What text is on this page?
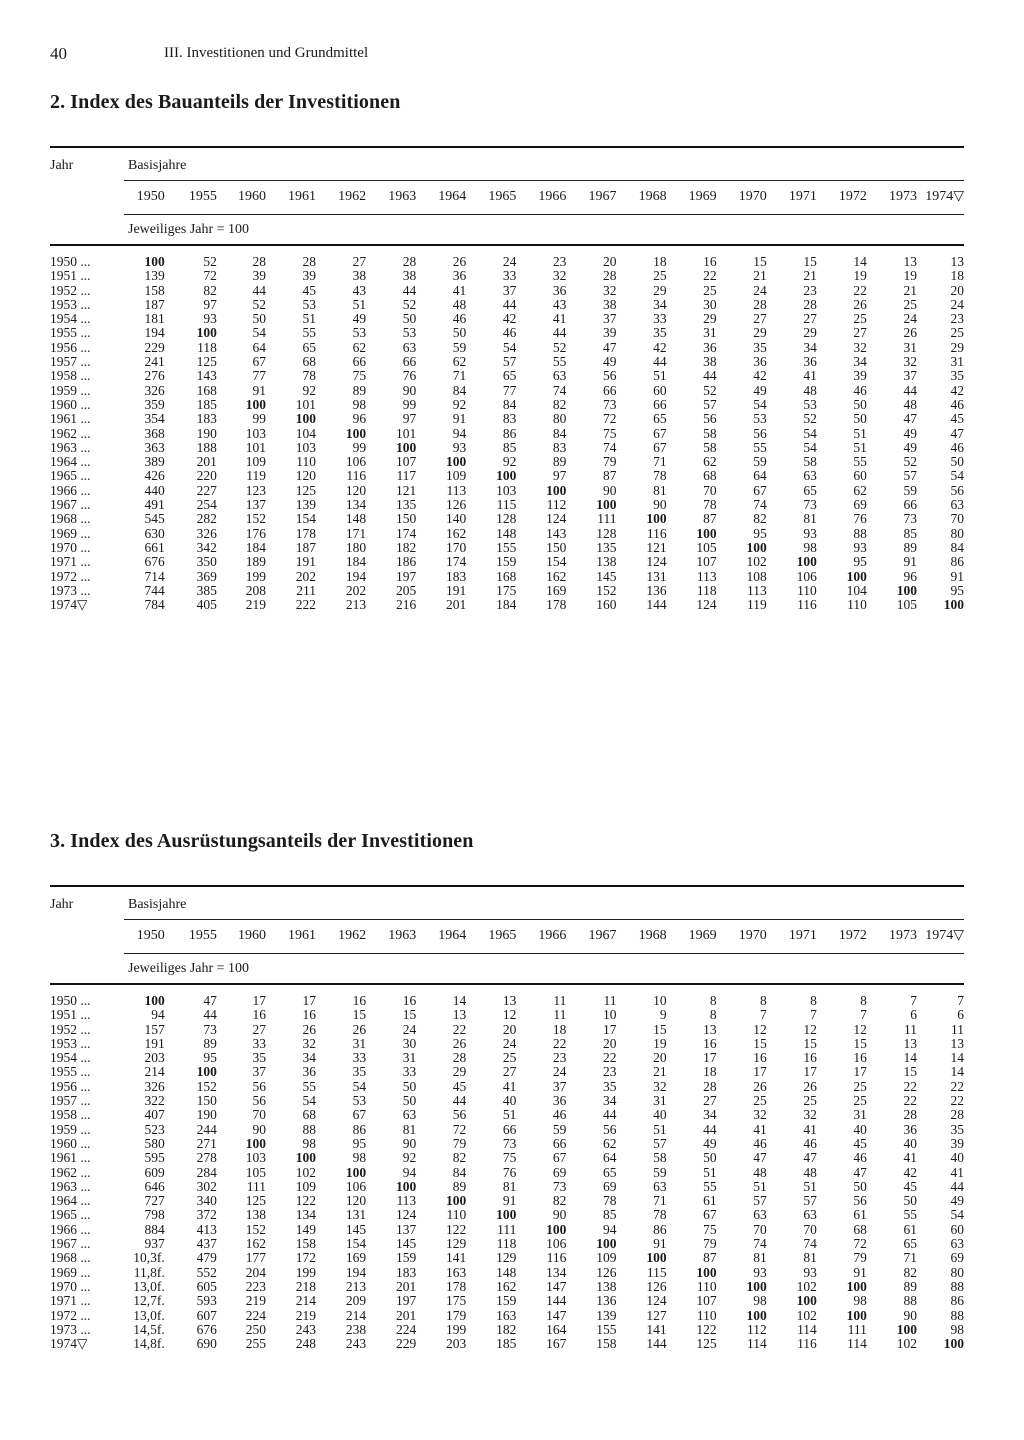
40	III. Investitionen und Grundmittel
2. Index des Bauanteils der Investitionen
Jahr	Basisjahre
	1950	1955	1960	1961	1962	1963	1964	1965	1966	1967	1968	1969	1970	1971	1972	1973	1974▽
Jeweiliges Jahr = 100
1950 ...	100	52	28	28	27	28	26	24	23	20	18	16	15	15	14	13	13
1951 ...	139	72	39	39	38	38	36	33	32	28	25	22	21	21	19	19	18
1952 ...	158	82	44	45	43	44	41	37	36	32	29	25	24	23	22	21	20
1953 ...	187	97	52	53	51	52	48	44	43	38	34	30	28	28	26	25	24
1954 ...	181	93	50	51	49	50	46	42	41	37	33	29	27	27	25	24	23
1955 ...	194	100	54	55	53	53	50	46	44	39	35	31	29	29	27	26	25
1956 ...	229	118	64	65	62	63	59	54	52	47	42	36	35	34	32	31	29
1957 ...	241	125	67	68	66	66	62	57	55	49	44	38	36	36	34	32	31
1958 ...	276	143	77	78	75	76	71	65	63	56	51	44	42	41	39	37	35
1959 ...	326	168	91	92	89	90	84	77	74	66	60	52	49	48	46	44	42
1960 ...	359	185	100	101	98	99	92	84	82	73	66	57	54	53	50	48	46
1961 ...	354	183	99	100	96	97	91	83	80	72	65	56	53	52	50	47	45
1962 ...	368	190	103	104	100	101	94	86	84	75	67	58	56	54	51	49	47
1963 ...	363	188	101	103	99	100	93	85	83	74	67	58	55	54	51	49	46
1964 ...	389	201	109	110	106	107	100	92	89	79	71	62	59	58	55	52	50
1965 ...	426	220	119	120	116	117	109	100	97	87	78	68	64	63	60	57	54
1966 ...	440	227	123	125	120	121	113	103	100	90	81	70	67	65	62	59	56
1967 ...	491	254	137	139	134	135	126	115	112	100	90	78	74	73	69	66	63
1968 ...	545	282	152	154	148	150	140	128	124	111	100	87	82	81	76	73	70
1969 ...	630	326	176	178	171	174	162	148	143	128	116	100	95	93	88	85	80
1970 ...	661	342	184	187	180	182	170	155	150	135	121	105	100	98	93	89	84
1971 ...	676	350	189	191	184	186	174	159	154	138	124	107	102	100	95	91	86
1972 ...	714	369	199	202	194	197	183	168	162	145	131	113	108	106	100	96	91
1973 ...	744	385	208	211	202	205	191	175	169	152	136	118	113	110	104	100	95
1974▽	784	405	219	222	213	216	201	184	178	160	144	124	119	116	110	105	100
3. Index des Ausrüstungsanteils der Investitionen
Jahr	Basisjahre
	1950	1955	1960	1961	1962	1963	1964	1965	1966	1967	1968	1969	1970	1971	1972	1973	1974▽
Jeweiliges Jahr = 100
1950 ...	100	47	17	17	16	16	14	13	11	11	10	8	8	8	8	7	7
1951 ...	94	44	16	16	15	15	13	12	11	10	9	8	7	7	7	6	6
1952 ...	157	73	27	26	26	24	22	20	18	17	15	13	12	12	12	11	11
1953 ...	191	89	33	32	31	30	26	24	22	20	19	16	15	15	15	13	13
1954 ...	203	95	35	34	33	31	28	25	23	22	20	17	16	16	16	14	14
1955 ...	214	100	37	36	35	33	29	27	24	23	21	18	17	17	17	15	14
1956 ...	326	152	56	55	54	50	45	41	37	35	32	28	26	26	25	22	22
1957 ...	322	150	56	54	53	50	44	40	36	34	31	27	25	25	25	22	22
1958 ...	407	190	70	68	67	63	56	51	46	44	40	34	32	32	31	28	28
1959 ...	523	244	90	88	86	81	72	66	59	56	51	44	41	41	40	36	35
1960 ...	580	271	100	98	95	90	79	73	66	62	57	49	46	46	45	40	39
1961 ...	595	278	103	100	98	92	82	75	67	64	58	50	47	47	46	41	40
1962 ...	609	284	105	102	100	94	84	76	69	65	59	51	48	48	47	42	41
1963 ...	646	302	111	109	106	100	89	81	73	69	63	55	51	51	50	45	44
1964 ...	727	340	125	122	120	113	100	91	82	78	71	61	57	57	56	50	49
1965 ...	798	372	138	134	131	124	110	100	90	85	78	67	63	63	61	55	54
1966 ...	884	413	152	149	145	137	122	111	100	94	86	75	70	70	68	61	60
1967 ...	937	437	162	158	154	145	129	118	106	100	91	79	74	74	72	65	63
1968 ...	10,3f.	479	177	172	169	159	141	129	116	109	100	87	81	81	79	71	69
1969 ...	11,8f.	552	204	199	194	183	163	148	134	126	115	100	93	93	91	82	80
1970 ...	13,0f.	605	223	218	213	201	178	162	147	138	126	110	100	102	100	89	88
1971 ...	12,7f.	593	219	214	209	197	175	159	144	136	124	107	98	100	98	88	86
1972 ...	13,0f.	607	224	219	214	201	179	163	147	139	127	110	100	102	100	90	88
1973 ...	14,5f.	676	250	243	238	224	199	182	164	155	141	122	112	114	111	100	98
1974▽	14,8f.	690	255	248	243	229	203	185	167	158	144	125	114	116	114	102	100
